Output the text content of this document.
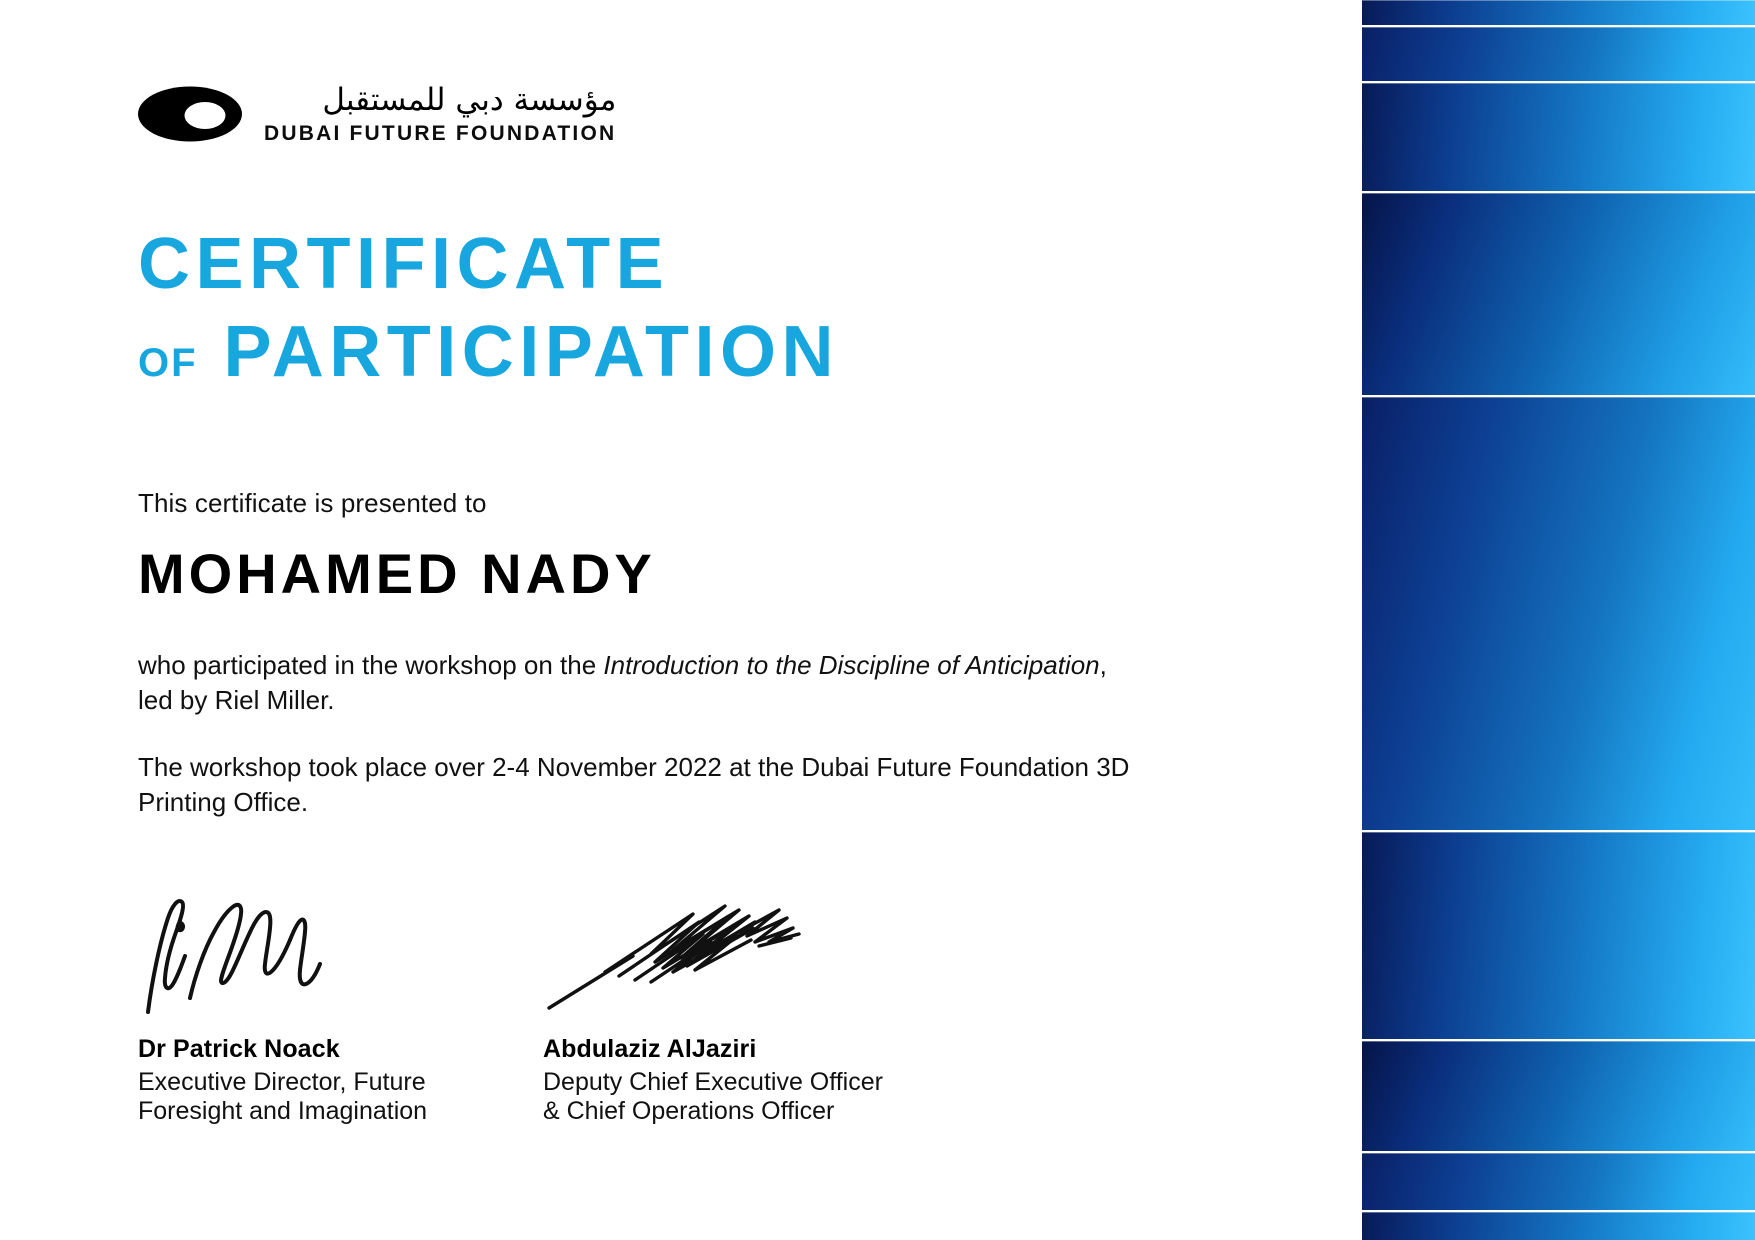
مؤسسة دبي للمستقبل
DUBAI FUTURE FOUNDATION
CERTIFICATE
OF PARTICIPATION
This certificate is presented to
MOHAMED NADY
who participated in the workshop on the Introduction to the Discipline of Anticipation, led by Riel Miller.
The workshop took place over 2-4 November 2022 at the Dubai Future Foundation 3D Printing Office.
Dr Patrick Noack
Executive Director, Future
Foresight and Imagination
Abdulaziz AlJaziri
Deputy Chief Executive Officer
& Chief Operations Officer
